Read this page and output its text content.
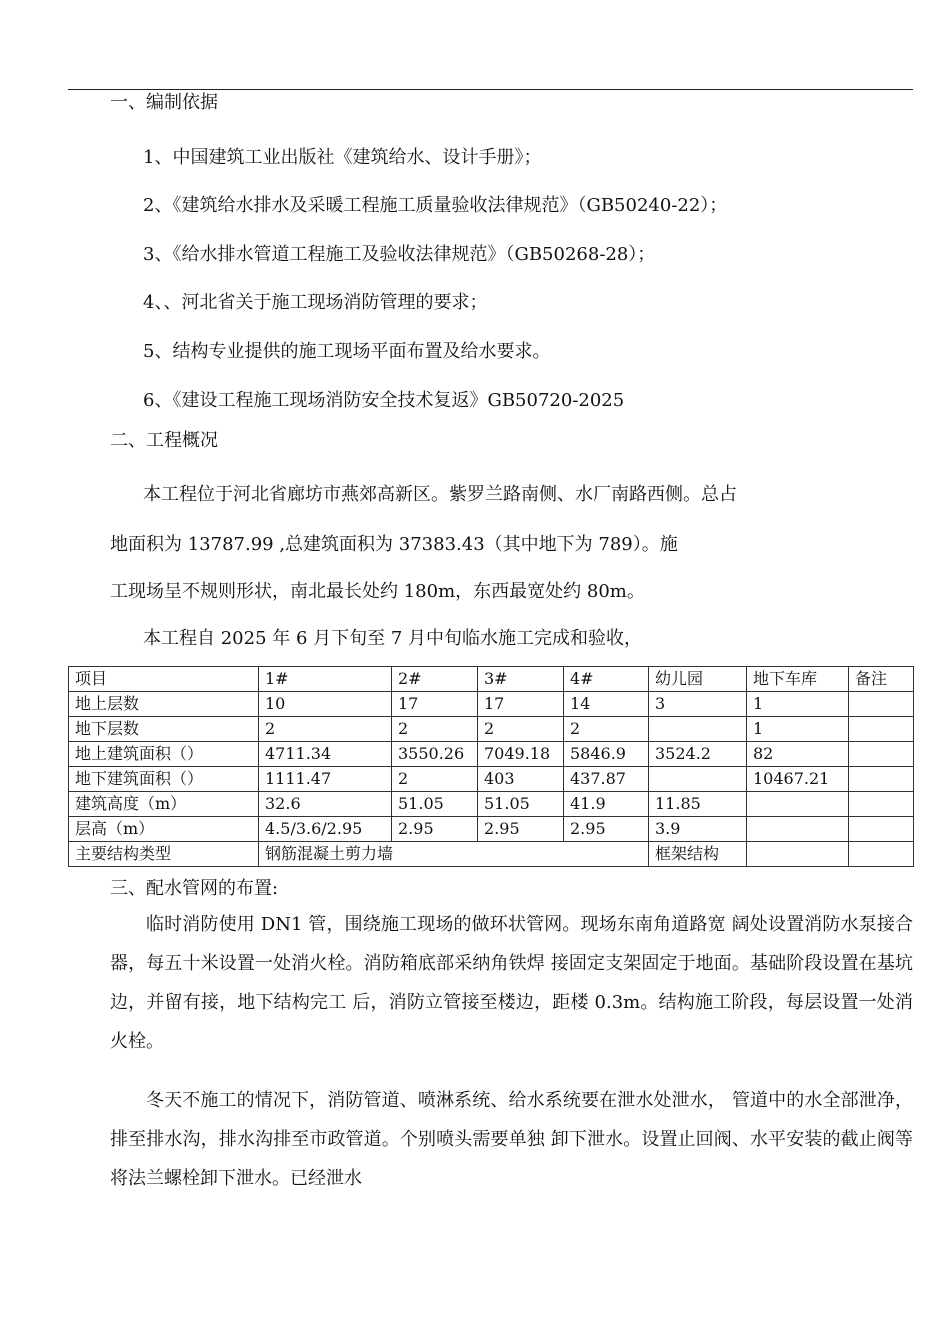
一、编制依据
1、中国建筑工业出版社《建筑给水、设计手册》；
2、《建筑给水排水及采暖工程施工质量验收法律规范》（GB50240-22）；
3、《给水排水管道工程施工及验收法律规范》（GB50268-28）；
4、、河北省关于施工现场消防管理的要求；
5、结构专业提供的施工现场平面布置及给水要求。
6、《建设工程施工现场消防安全技术复返》GB50720-2025
二、工程概况
本工程位于河北省廊坊市燕郊高新区。紫罗兰路南侧、水厂南路西侧。总占
地面积为 13787.99 ,总建筑面积为 37383.43（其中地下为 789）。施
工现场呈不规则形状，南北最长处约 180m，东西最宽处约 80m。
本工程自 2025 年 6 月下旬至 7 月中旬临水施工完成和验收，
项目	1#	2#	3#	4#	幼儿园	地下车库	备注
地上层数	10	17	17	14	3	1	
地下层数	2	2	2	2		1	
地上建筑面积（）	4711.34	3550.26	7049.18	5846.9	3524.2	82	
地下建筑面积（）	1111.47	2	403	437.87		10467.21	
建筑高度（m）	32.6	51.05	51.05	41.9	11.85		
层高（m）	4.5/3.6/2.95	2.95	2.95	2.95	3.9		
主要结构类型	钢筋混凝土剪力墙				框架结构		
三、配水管网的布置:
临时消防使用 DN1 管，围绕施工现场的做环状管网。现场东南角道路宽 阔处设置消防水泵接合器，每五十米设置一处消火栓。消防箱底部采纳角铁焊 接固定支架固定于地面。基础阶段设置在基坑边，并留有接，地下结构完工 后，消防立管接至楼边，距楼 0.3m。结构施工阶段，每层设置一处消火栓。
冬天不施工的情况下，消防管道、喷淋系统、给水系统要在泄水处泄水， 管道中的水全部泄净，排至排水沟，排水沟排至市政管道。个别喷头需要单独 卸下泄水。设置止回阀、水平安装的截止阀等将法兰螺栓卸下泄水。已经泄水
